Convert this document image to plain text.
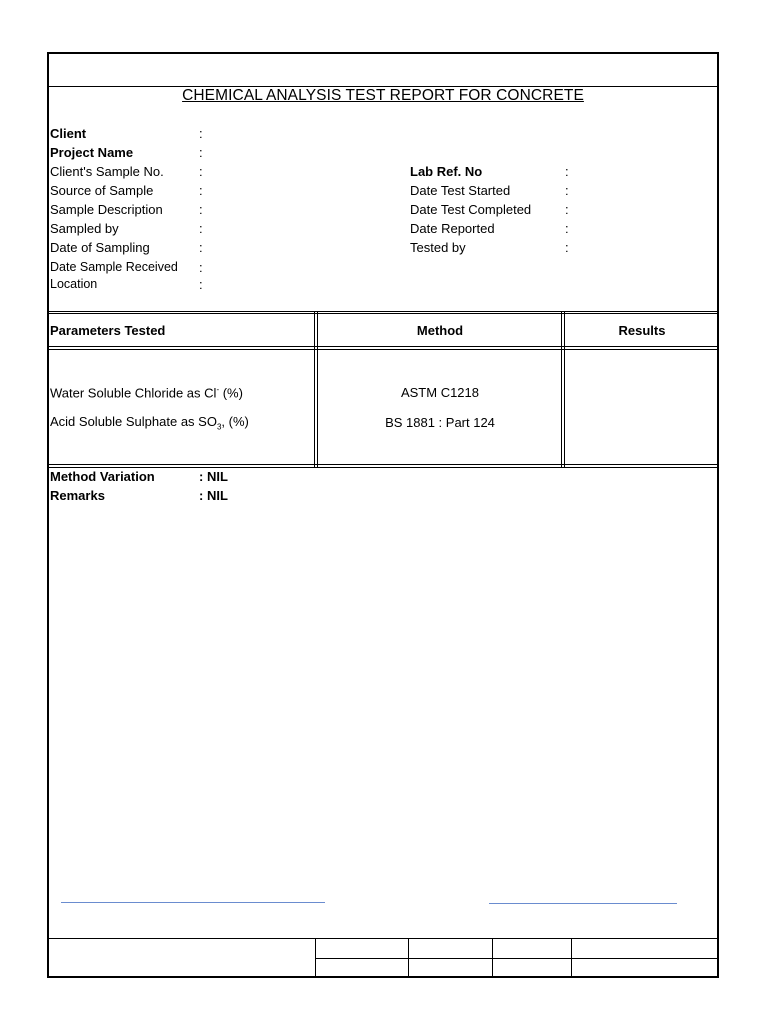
CHEMICAL ANALYSIS TEST REPORT FOR CONCRETE
Client	:
Project Name	:
Client's Sample No.	:
Source of Sample	:
Sample Description	:
Sampled by	:
Date of Sampling	:
Date Sample Received :
Location	:
Lab Ref. No	:
Date Test Started	:
Date Test Completed	:
Date Reported	:
Tested by	:
Parameters Tested	Method	Results
Water Soluble Chloride as Cl- (%)	ASTM C1218
Acid Soluble Sulphate as $SO_3$, (%)	BS 1881 : Part 124
Method Variation	: NIL
Remarks	: NIL
